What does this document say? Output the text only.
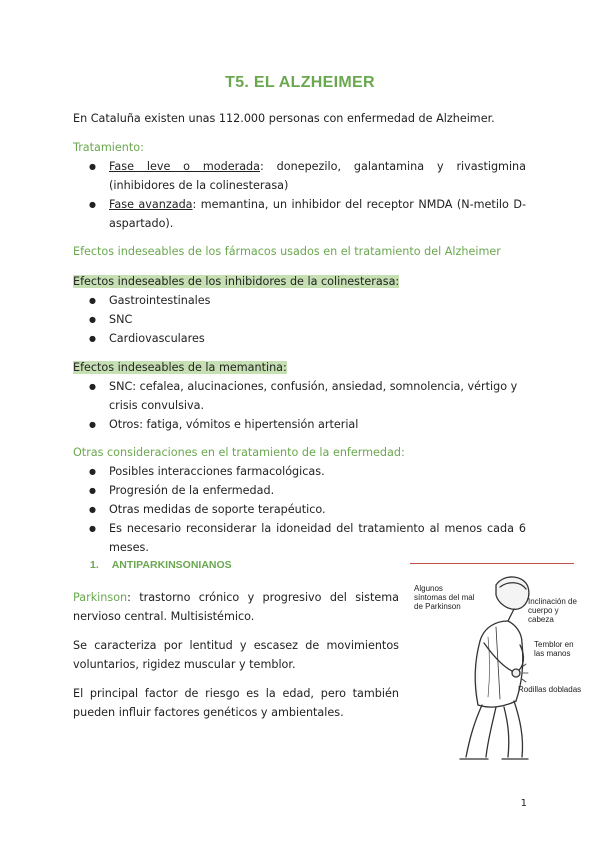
T5. EL ALZHEIMER
En Cataluña existen unas 112.000 personas con enfermedad de Alzheimer.
Tratamiento:
● Fase leve o moderada: donepezilo, galantamina y rivastigmina (inhibidores de la colinesterasa)
● Fase avanzada: memantina, un inhibidor del receptor NMDA (N-metilo D-aspartado).
Efectos indeseables de los fármacos usados en el tratamiento del Alzheimer
Efectos indeseables de los inhibidores de la colinesterasa:
● Gastrointestinales
● SNC
● Cardiovasculares
Efectos indeseables de la memantina:
● SNC: cefalea, alucinaciones, confusión, ansiedad, somnolencia, vértigo y crisis convulsiva.
● Otros: fatiga, vómitos e hipertensión arterial
Otras consideraciones en el tratamiento de la enfermedad:
● Posibles interacciones farmacológicas.
● Progresión de la enfermedad.
● Otras medidas de soporte terapéutico.
● Es necesario reconsiderar la idoneidad del tratamiento al menos cada 6 meses.
1. ANTIPARKINSONIANOS
Parkinson: trastorno crónico y progresivo del sistema nervioso central. Multisistémico.
Se caracteriza por lentitud y escasez de movimientos voluntarios, rigidez muscular y temblor.
El principal factor de riesgo es la edad, pero también pueden influir factores genéticos y ambientales.
Algunos síntomas del mal de Parkinson
Inclinación de cuerpo y cabeza
Temblor en las manos
Rodillas dobladas
1
